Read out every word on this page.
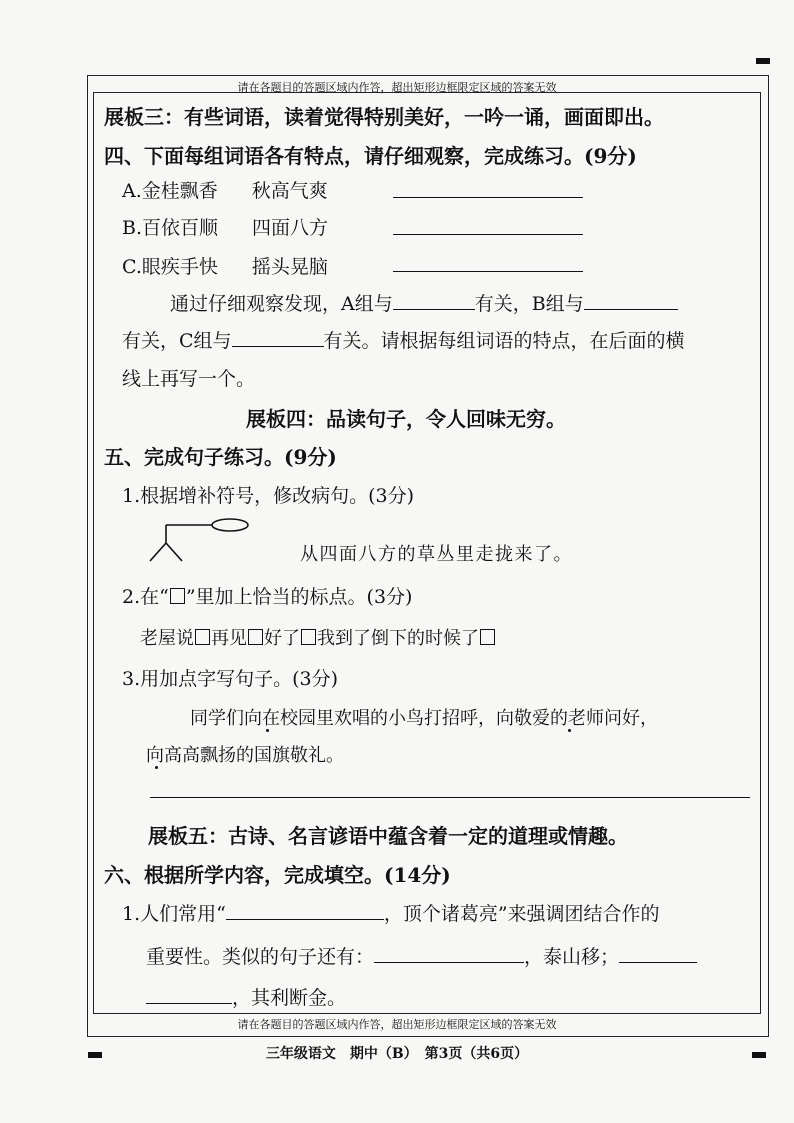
请在各题目的答题区域内作答，超出矩形边框限定区域的答案无效
展板三：有些词语，读着觉得特别美好，一吟一诵，画面即出。
四、下面每组词语各有特点，请仔细观察，完成练习。(9分)
A.金桂飘香 秋高气爽
B.百依百顺 四面八方
C.眼疾手快 摇头晃脑
通过仔细观察发现，A组与	有关，B组与
有关，C组与	有关。请根据每组词语的特点，在后面的横
线上再写一个。
展板四：品读句子，令人回味无穷。
五、完成句子练习。(9分)
1.根据增补符号，修改病句。(3分)
从四面八方的草丛里走拢来了。
2.在“ ”里加上恰当的标点。(3分)
老屋说 再见 好了 我到了倒下的时候了
3.用加点字写句子。(3分)
同学们向在校园里欢唱的小鸟打招呼，向敬爱的老师问好，
向高高飘扬的国旗敬礼。
展板五：古诗、名言谚语中蕴含着一定的道理或情趣。
六、根据所学内容，完成填空。(14分)
1.人们常用“	，顶个诸葛亮”来强调团结合作的
重要性。类似的句子还有：	，泰山移；
，其利断金。
请在各题目的答题区域内作答，超出矩形边框限定区域的答案无效
三年级语文　期中（B）　第3页（共6页）
